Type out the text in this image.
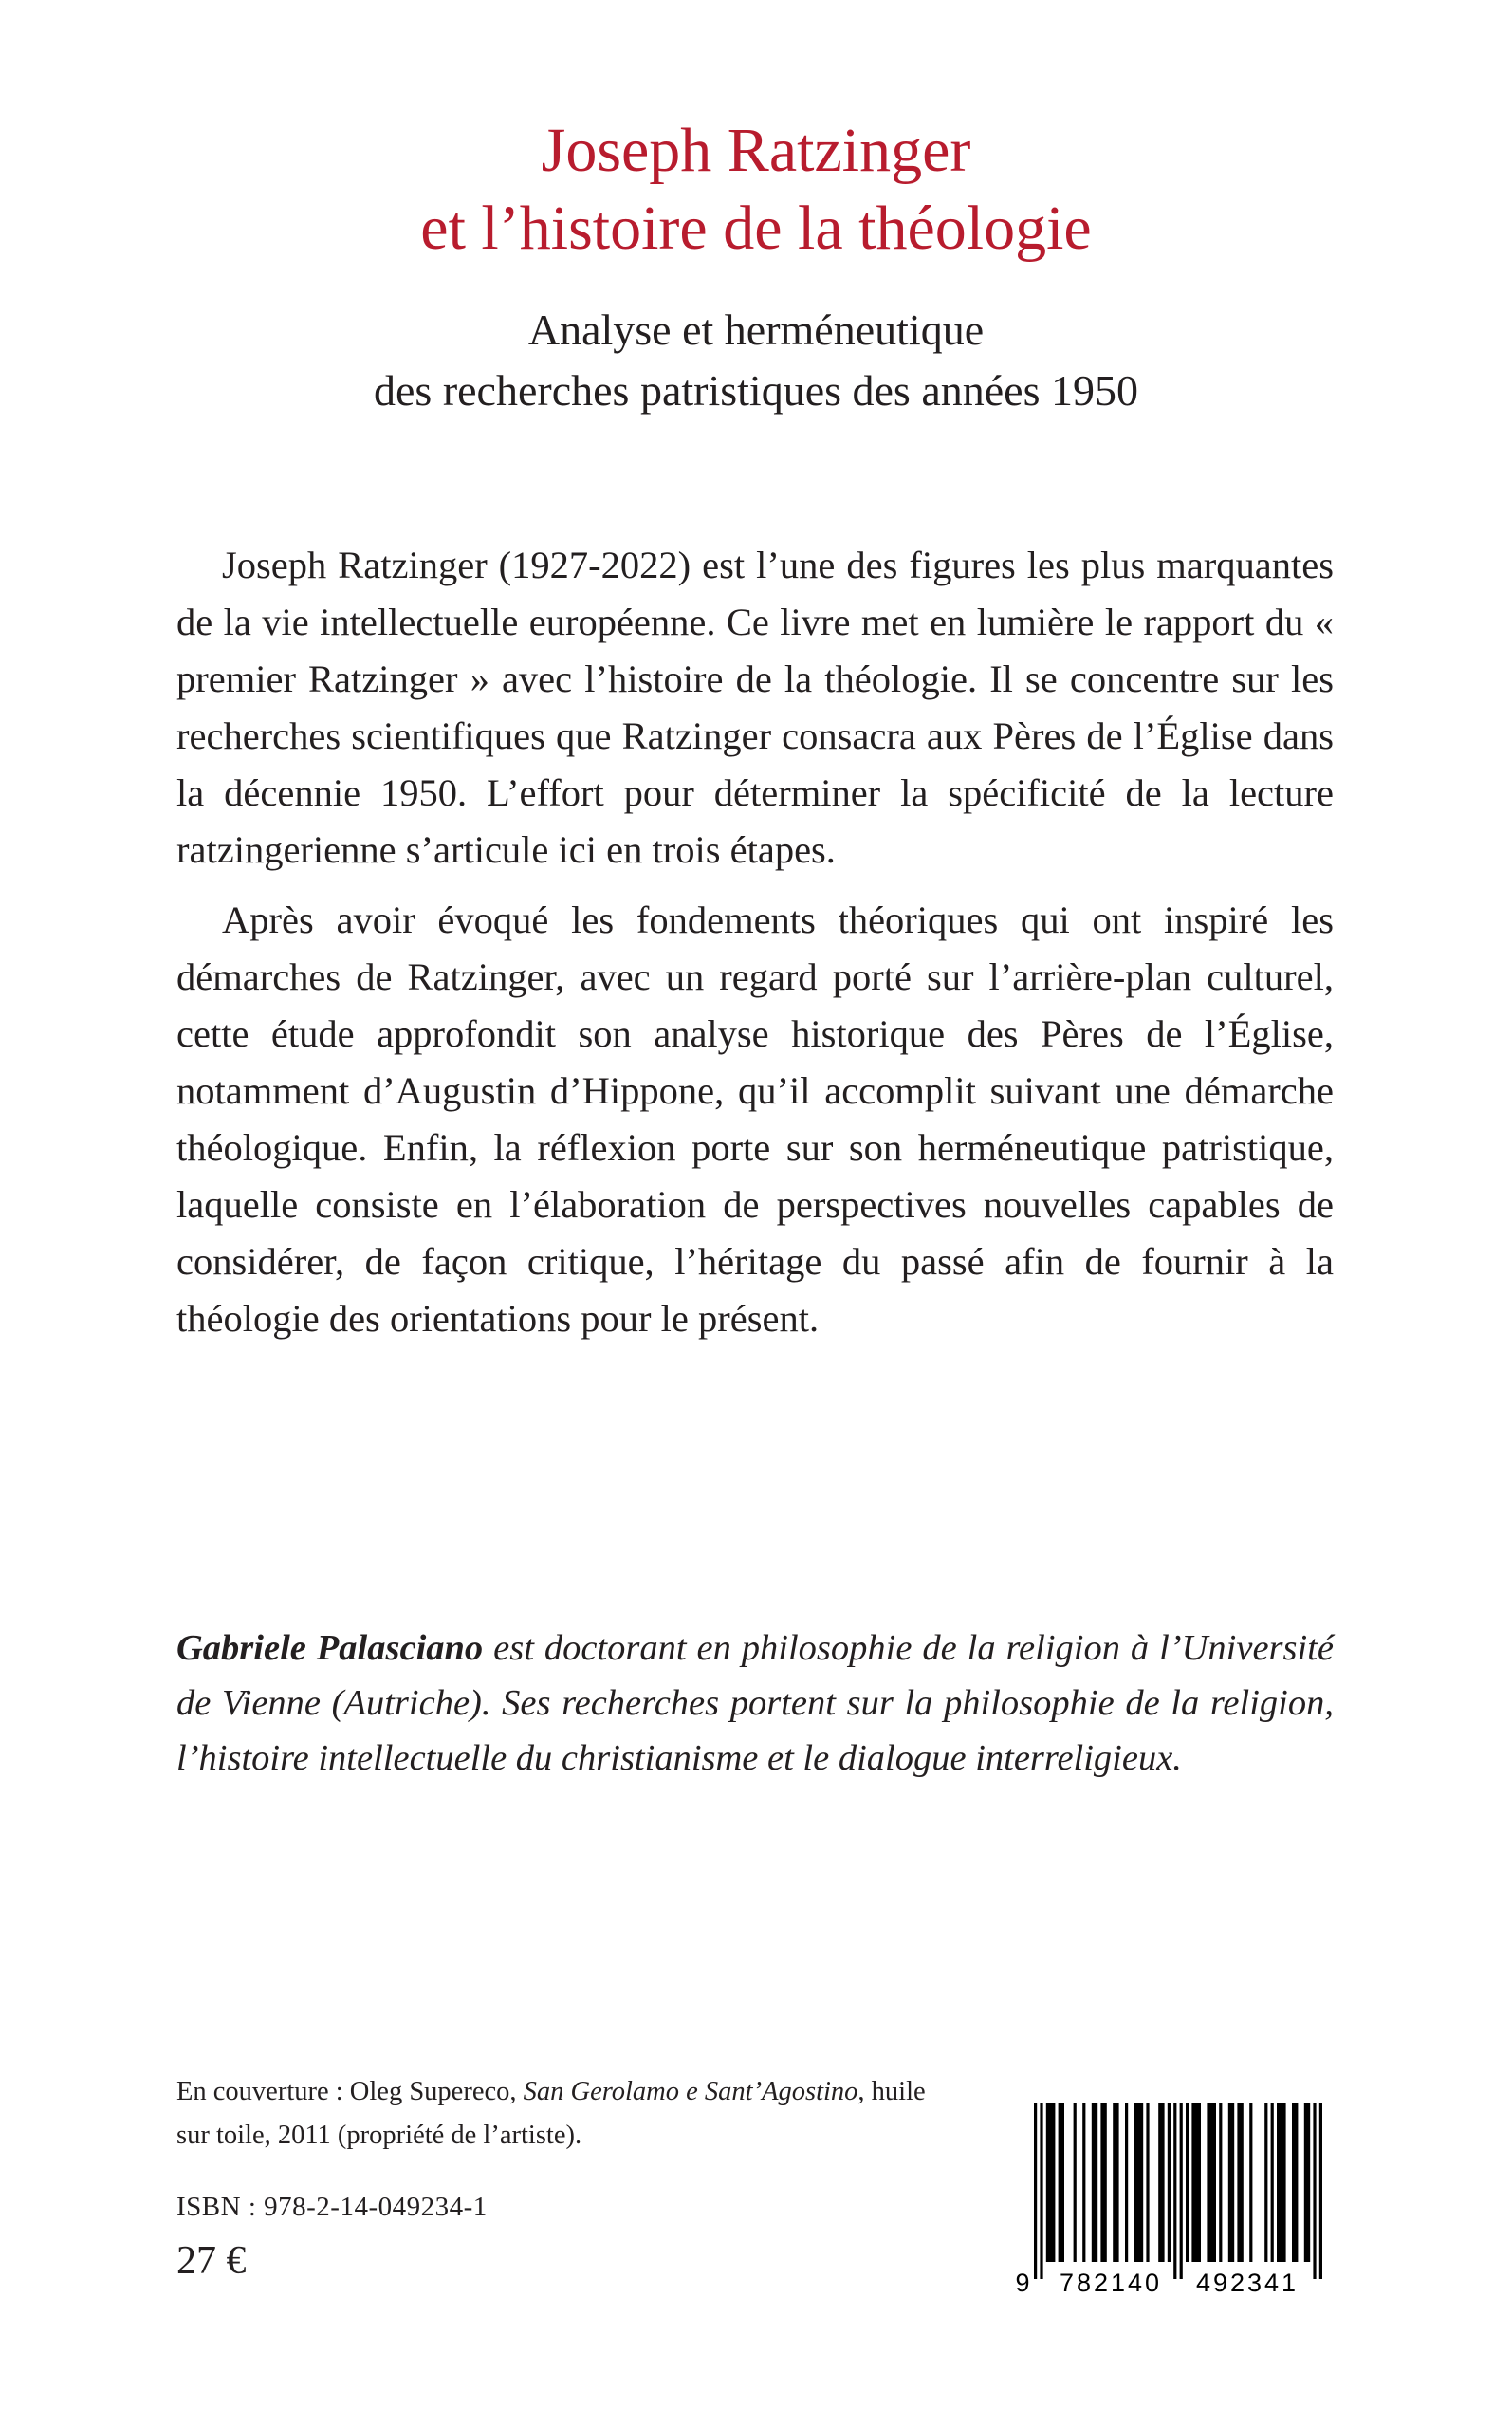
Joseph Ratzinger
et l’histoire de la théologie
Analyse et herméneutique
des recherches patristiques des années 1950

Joseph Ratzinger (1927-2022) est l’une des figures les plus marquantes de la vie intellectuelle européenne. Ce livre met en lumière le rapport du « premier Ratzinger » avec l’histoire de la théologie. Il se concentre sur les recherches scientifiques que Ratzinger consacra aux Pères de l’Église dans la décennie 1950. L’effort pour déterminer la spécificité de la lecture ratzingerienne s’articule ici en trois étapes.

Après avoir évoqué les fondements théoriques qui ont inspiré les démarches de Ratzinger, avec un regard porté sur l’arrière-plan culturel, cette étude approfondit son analyse historique des Pères de l’Église, notamment d’Augustin d’Hippone, qu’il accomplit suivant une démarche théologique. Enfin, la réflexion porte sur son herméneutique patristique, laquelle consiste en l’élaboration de perspectives nouvelles capables de considérer, de façon critique, l’héritage du passé afin de fournir à la théologie des orientations pour le présent.

Gabriele Palasciano est doctorant en philosophie de la religion à l’Université de Vienne (Autriche). Ses recherches portent sur la philosophie de la religion, l’histoire intellectuelle du christianisme et le dialogue interreligieux.
En couverture : Oleg Supereco, San Gerolamo e Sant’Agostino, huile sur toile, 2011 (propriété de l’artiste).
ISBN : 978-2-14-049234-1
27 €	9 782140 492341
